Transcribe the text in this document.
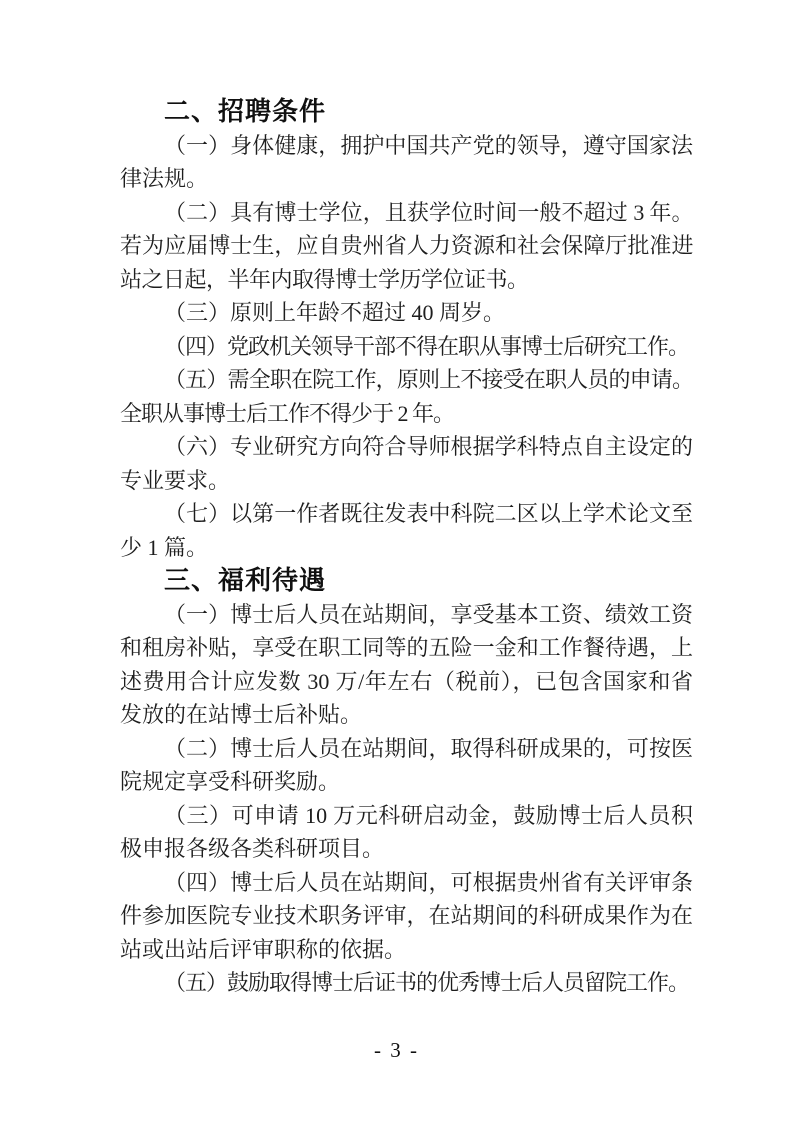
二、招聘条件

（一）身体健康，拥护中国共产党的领导，遵守国家法律法规。

（二）具有博士学位，且获学位时间一般不超过 3 年。若为应届博士生，应自贵州省人力资源和社会保障厅批准进站之日起，半年内取得博士学历学位证书。

（三）原则上年龄不超过 40 周岁。

（四）党政机关领导干部不得在职从事博士后研究工作。

（五）需全职在院工作，原则上不接受在职人员的申请。全职从事博士后工作不得少于 2 年。

（六）专业研究方向符合导师根据学科特点自主设定的专业要求。

（七）以第一作者既往发表中科院二区以上学术论文至少 1 篇。

三、福利待遇

（一）博士后人员在站期间，享受基本工资、绩效工资和租房补贴，享受在职工同等的五险一金和工作餐待遇，上述费用合计应发数 30 万/年左右（税前），已包含国家和省发放的在站博士后补贴。

（二）博士后人员在站期间，取得科研成果的，可按医院规定享受科研奖励。

（三）可申请 10 万元科研启动金，鼓励博士后人员积极申报各级各类科研项目。

（四）博士后人员在站期间，可根据贵州省有关评审条件参加医院专业技术职务评审，在站期间的科研成果作为在站或出站后评审职称的依据。

（五）鼓励取得博士后证书的优秀博士后人员留院工作。

- 3 -
